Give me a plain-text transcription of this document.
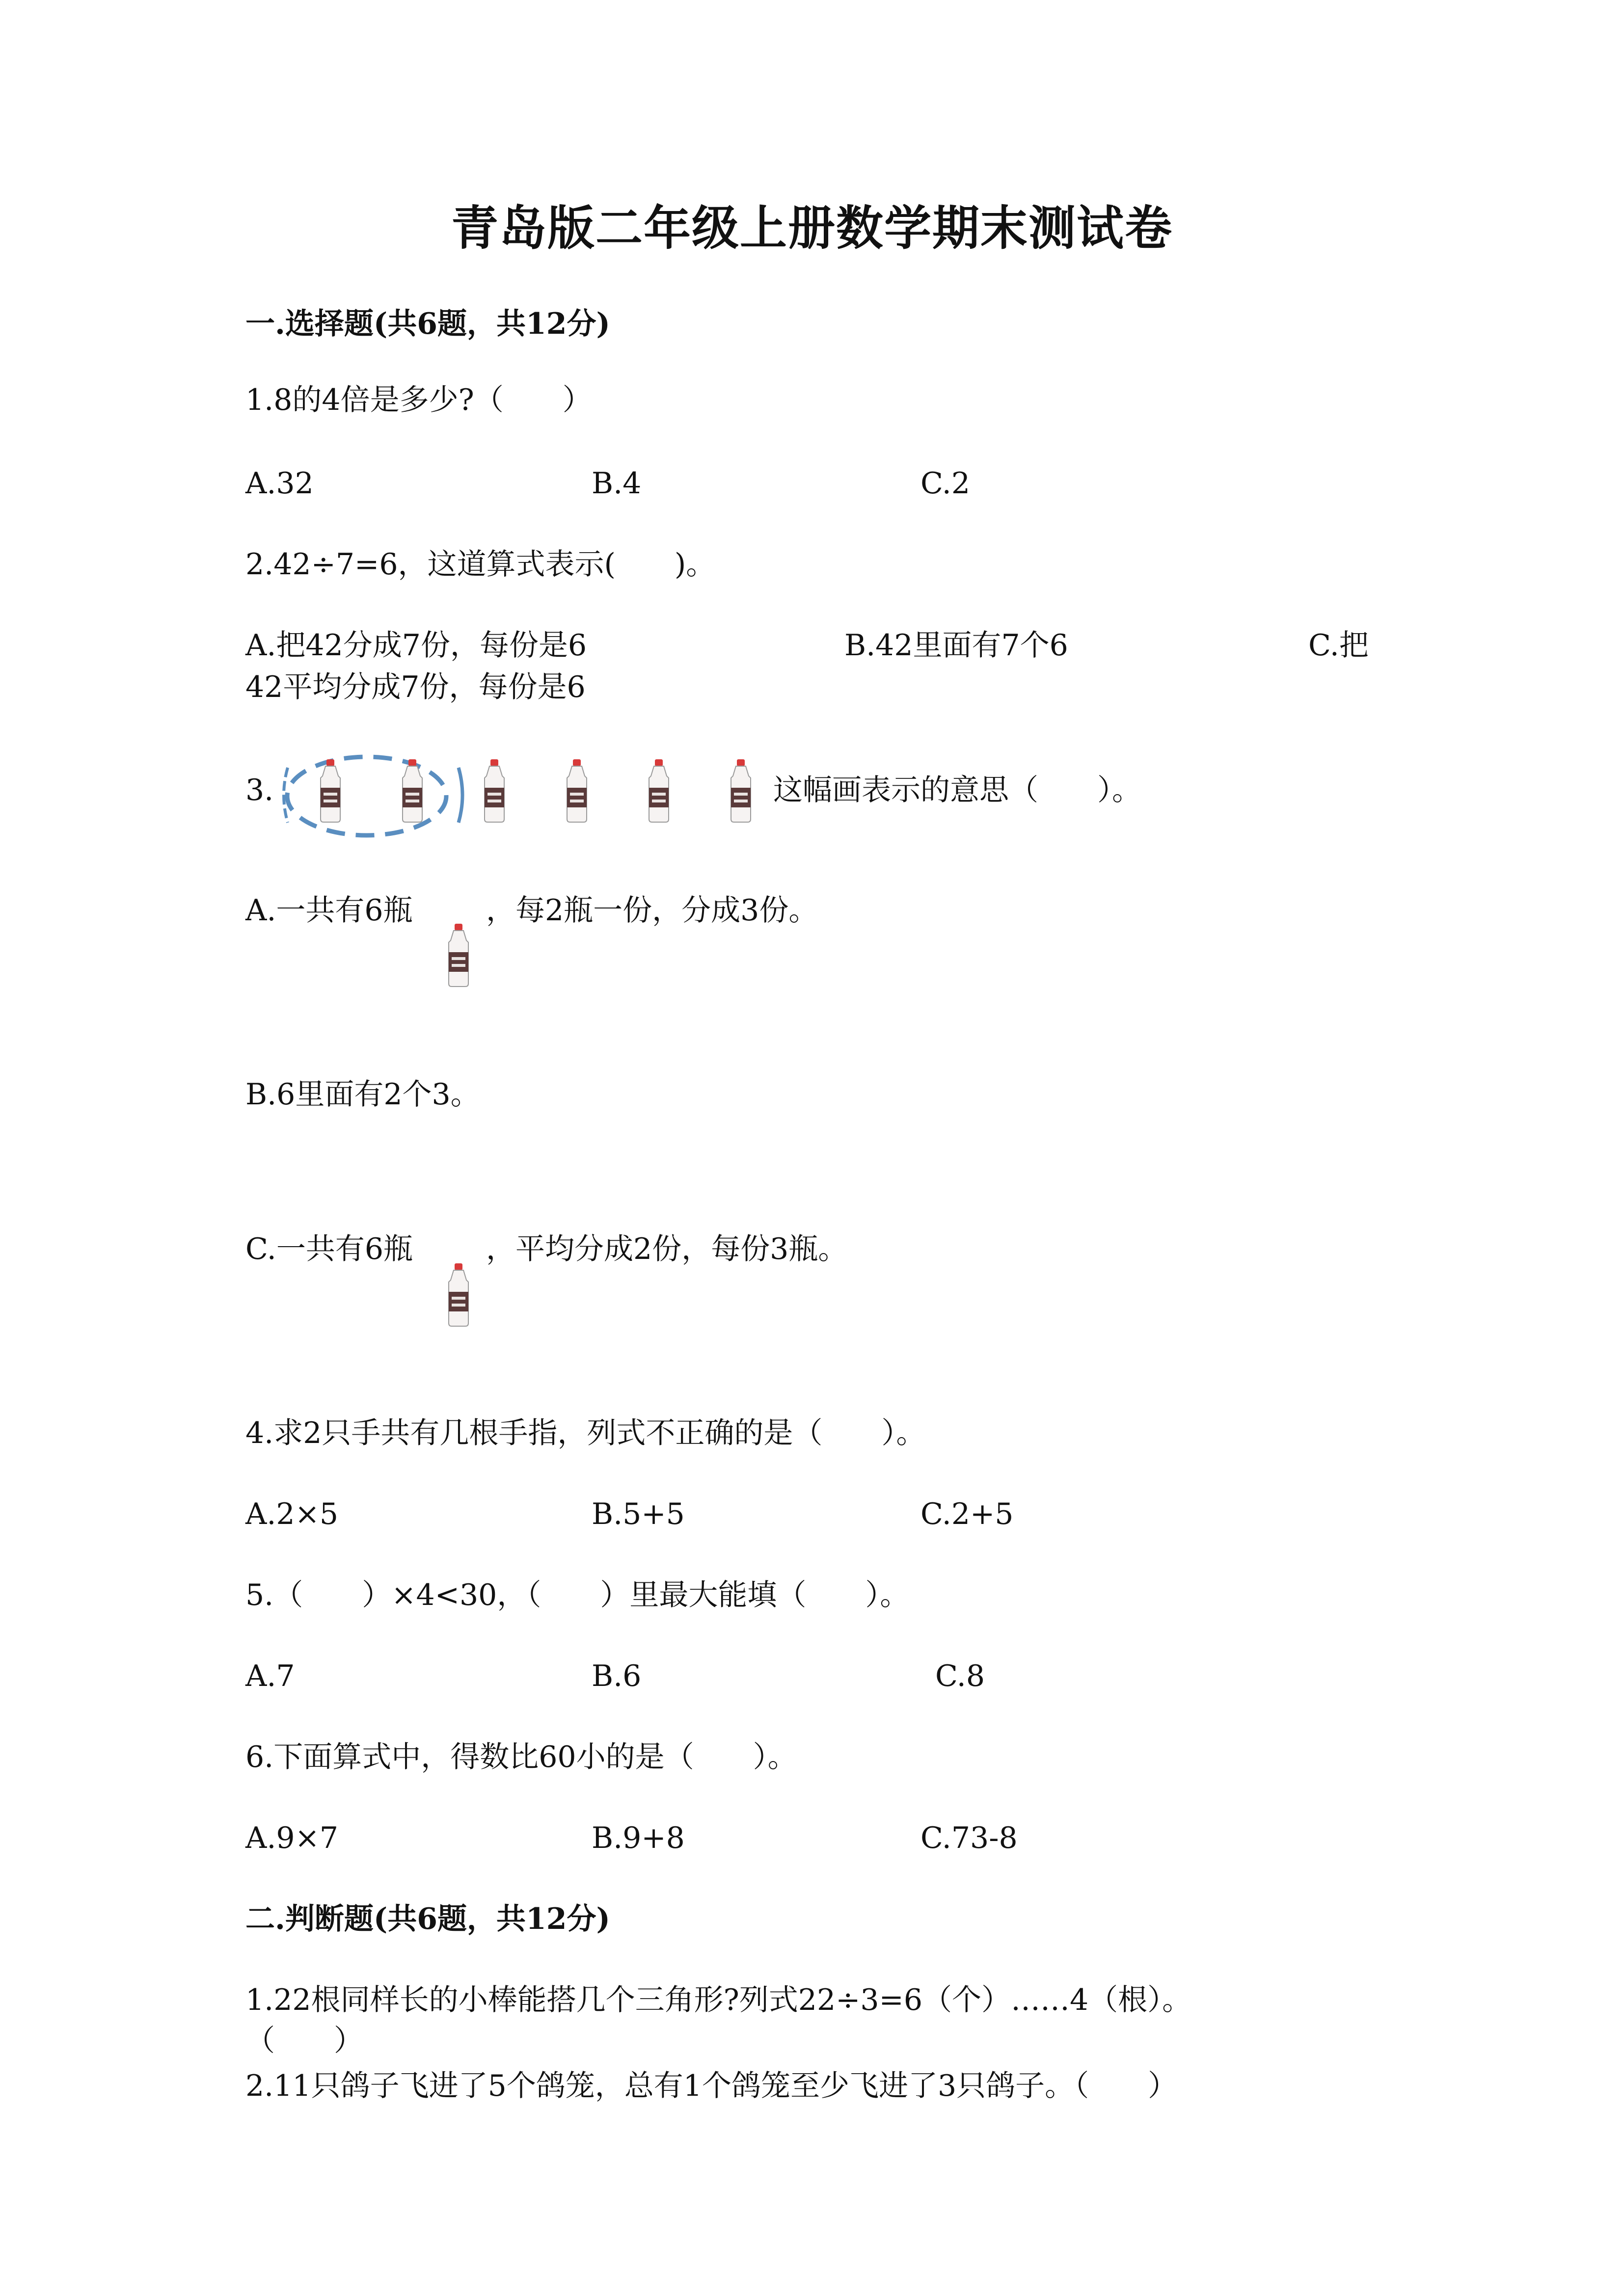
青岛版二年级上册数学期末测试卷
一.选择题(共6题，共12分)
1.8的4倍是多少?（　　）
A.32	B.4	C.2
2.42÷7=6，这道算式表示(　　)。
A.把42分成7份，每份是6	B.42里面有7个6	C.把
42平均分成7份，每份是6
3.	这幅画表示的意思（　　）。
A.一共有6瓶 ，每2瓶一份，分成3份。
B.6里面有2个3。
C.一共有6瓶 ，平均分成2份，每份3瓶。
4.求2只手共有几根手指，列式不正确的是（　　）。
A.2×5	B.5+5	C.2+5
5.（　　）×4<30，（　　）里最大能填（　　）。
A.7	B.6	C.8
6.下面算式中，得数比60小的是（　　）。
A.9×7	B.9+8	C.73-8
二.判断题(共6题，共12分)
1.22根同样长的小棒能搭几个三角形?列式22÷3=6（个）……4（根）。
（　　）
2.11只鸽子飞进了5个鸽笼，总有1个鸽笼至少飞进了3只鸽子。（　　）
